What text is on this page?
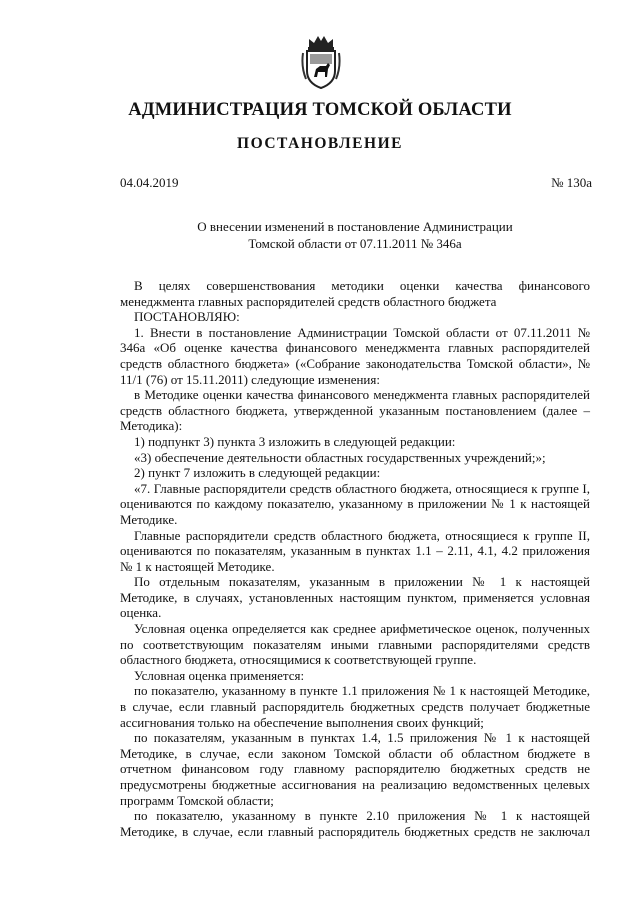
АДМИНИСТРАЦИЯ ТОМСКОЙ ОБЛАСТИ
ПОСТАНОВЛЕНИЕ
04.04.2019	№ 130а
О внесении изменений в постановление Администрации
Томской области от 07.11.2011 № 346а

В целях совершенствования методики оценки качества финансового менеджмента главных распорядителей средств областного бюджета

ПОСТАНОВЛЯЮ:

1. Внести в постановление Администрации Томской области от 07.11.2011 № 346а «Об оценке качества финансового менеджмента главных распорядителей средств областного бюджета» («Собрание законодательства Томской области», № 11/1 (76) от 15.11.2011) следующие изменения:

в Методике оценки качества финансового менеджмента главных распорядителей средств областного бюджета, утвержденной указанным постановлением (далее – Методика):

1) подпункт 3) пункта 3 изложить в следующей редакции:

«3) обеспечение деятельности областных государственных учреждений;»;

2) пункт 7 изложить в следующей редакции:

«7. Главные распорядители средств областного бюджета, относящиеся к группе I, оцениваются по каждому показателю, указанному в приложении № 1 к настоящей Методике.

Главные распорядители средств областного бюджета, относящиеся к группе II, оцениваются по показателям, указанным в пунктах 1.1 – 2.11, 4.1, 4.2 приложения № 1 к настоящей Методике.

По отдельным показателям, указанным в приложении № 1 к настоящей Методике, в случаях, установленных настоящим пунктом, применяется условная оценка.

Условная оценка определяется как среднее арифметическое оценок, полученных по соответствующим показателям иными главными распорядителями средств областного бюджета, относящимися к соответствующей группе.

Условная оценка применяется:

по показателю, указанному в пункте 1.1 приложения № 1 к настоящей Методике, в случае, если главный распорядитель бюджетных средств получает бюджетные ассигнования только на обеспечение выполнения своих функций;

по показателям, указанным в пунктах 1.4, 1.5 приложения № 1 к настоящей Методике, в случае, если законом Томской области об областном бюджете в отчетном финансовом году главному распорядителю бюджетных средств не предусмотрены бюджетные ассигнования на реализацию ведомственных целевых программ Томской области;

по показателю, указанному в пункте 2.10 приложения № 1 к настоящей Методике, в случае, если главный распорядитель бюджетных средств не заключал
